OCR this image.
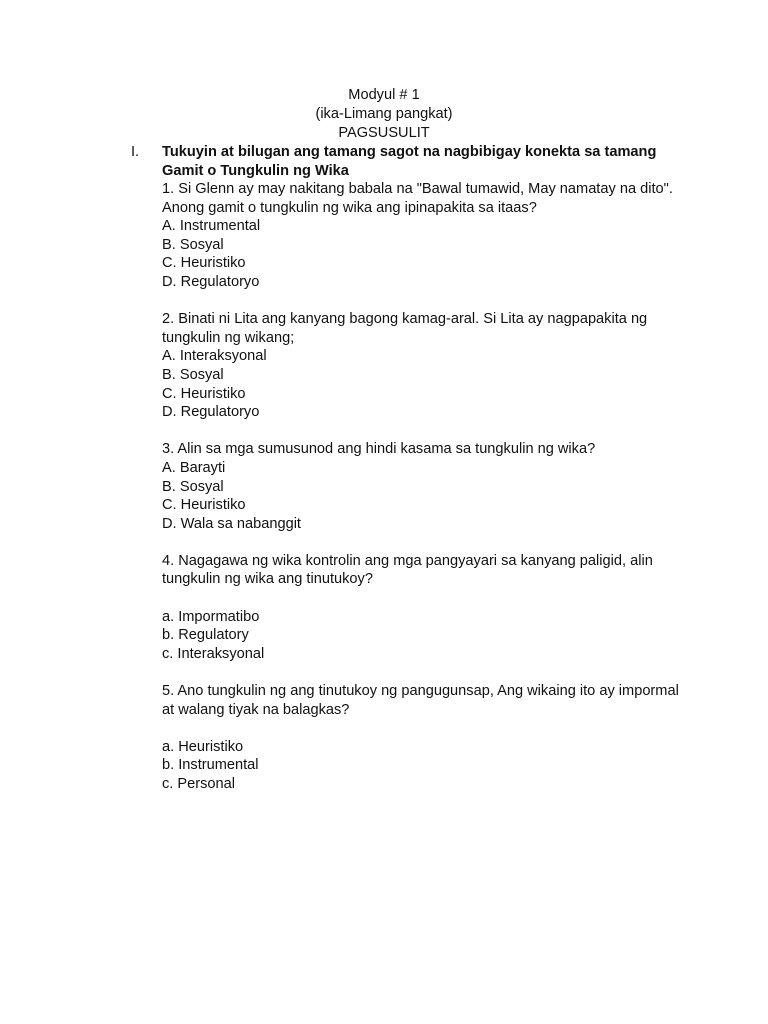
Modyul # 1
(ika-Limang pangkat)
PAGSUSULIT
I. Tukuyin at bilugan ang tamang sagot na nagbibigay konekta sa tamang Gamit o Tungkulin ng Wika
1. Si Glenn ay may nakitang babala na "Bawal tumawid, May namatay na dito". Anong gamit o tungkulin ng wika ang ipinapakita sa itaas?
A. Instrumental
B. Sosyal
C. Heuristiko
D. Regulatoryo
2. Binati ni Lita ang kanyang bagong kamag-aral. Si Lita ay nagpapakita ng tungkulin ng wikang;
A. Interaksyonal
B. Sosyal
C. Heuristiko
D. Regulatoryo
3. Alin sa mga sumusunod ang hindi kasama sa tungkulin ng wika?
A. Barayti
B. Sosyal
C. Heuristiko
D. Wala sa nabanggit
4. Nagagawa ng wika kontrolin ang mga pangyayari sa kanyang paligid, alin tungkulin ng wika ang tinutukoy?
a. Impormatibo
b. Regulatory
c. Interaksyonal
5. Ano tungkulin ng ang tinutukoy ng pangugunsap, Ang wikaing ito ay impormal at walang tiyak na balagkas?
a. Heuristiko
b. Instrumental
c. Personal
